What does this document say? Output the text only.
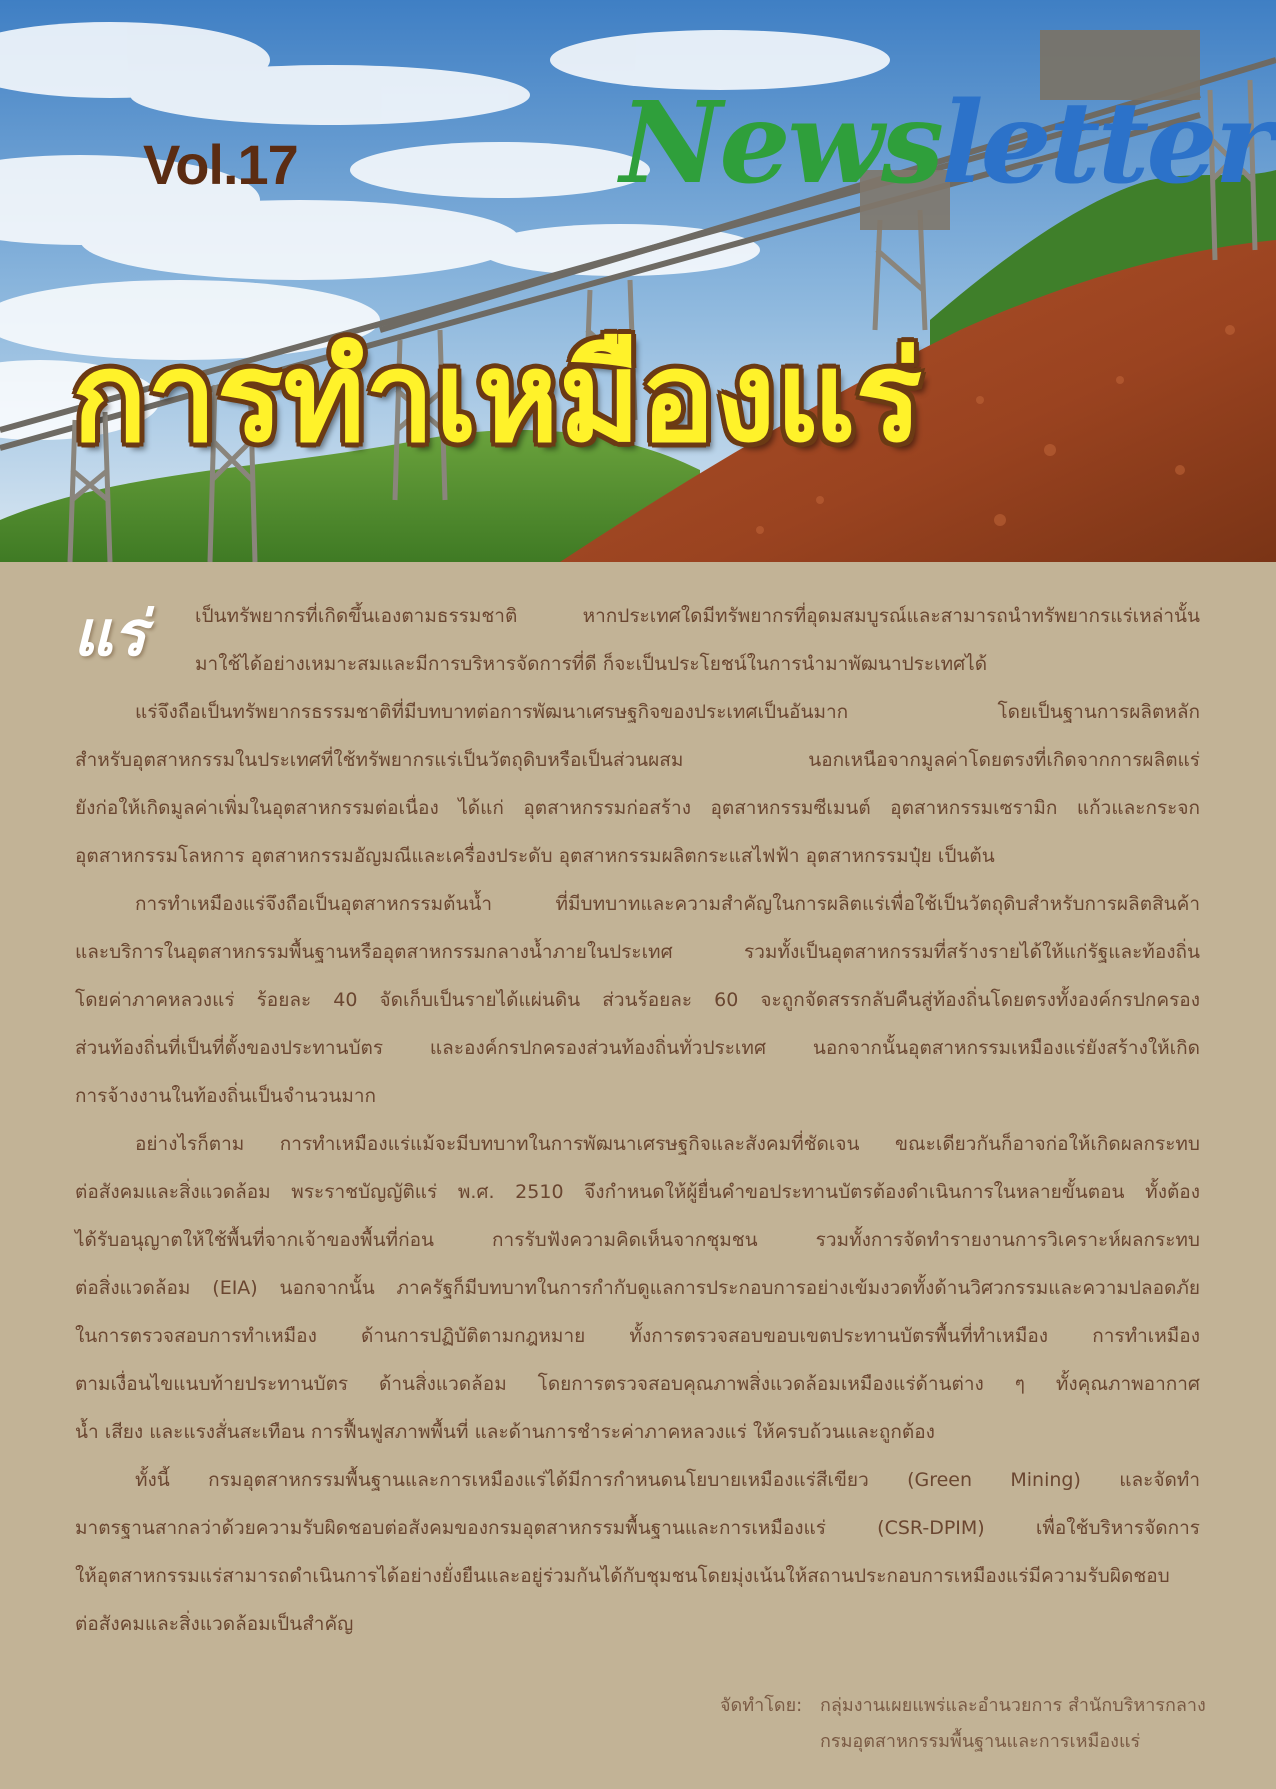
Vol.17	Newsletter
การทำเหมืองแร่
แร่	เป็นทรัพยากรที่เกิดขึ้นเองตามธรรมชาติ หากประเทศใดมีทรัพยากรที่อุดมสมบูรณ์และสามารถนำทรัพยากรแร่เหล่านั้น
มาใช้ได้อย่างเหมาะสมและมีการบริหารจัดการที่ดี ก็จะเป็นประโยชน์ในการนำมาพัฒนาประเทศได้
แร่จึงถือเป็นทรัพยากรธรรมชาติที่มีบทบาทต่อการพัฒนาเศรษฐกิจของประเทศเป็นอันมาก โดยเป็นฐานการผลิตหลัก
สำหรับอุตสาหกรรมในประเทศที่ใช้ทรัพยากรแร่เป็นวัตถุดิบหรือเป็นส่วนผสม นอกเหนือจากมูลค่าโดยตรงที่เกิดจากการผลิตแร่
ยังก่อให้เกิดมูลค่าเพิ่มในอุตสาหกรรมต่อเนื่อง ได้แก่ อุตสาหกรรมก่อสร้าง อุตสาหกรรมซีเมนต์ อุตสาหกรรมเซรามิก แก้วและกระจก
อุตสาหกรรมโลหการ อุตสาหกรรมอัญมณีและเครื่องประดับ อุตสาหกรรมผลิตกระแสไฟฟ้า อุตสาหกรรมปุ๋ย เป็นต้น
การทำเหมืองแร่จึงถือเป็นอุตสาหกรรมต้นน้ำ ที่มีบทบาทและความสำคัญในการผลิตแร่เพื่อใช้เป็นวัตถุดิบสำหรับการผลิตสินค้า
และบริการในอุตสาหกรรมพื้นฐานหรืออุตสาหกรรมกลางน้ำภายในประเทศ รวมทั้งเป็นอุตสาหกรรมที่สร้างรายได้ให้แก่รัฐและท้องถิ่น
โดยค่าภาคหลวงแร่ ร้อยละ 40 จัดเก็บเป็นรายได้แผ่นดิน ส่วนร้อยละ 60 จะถูกจัดสรรกลับคืนสู่ท้องถิ่นโดยตรงทั้งองค์กรปกครอง
ส่วนท้องถิ่นที่เป็นที่ตั้งของประทานบัตร และองค์กรปกครองส่วนท้องถิ่นทั่วประเทศ นอกจากนั้นอุตสาหกรรมเหมืองแร่ยังสร้างให้เกิด
การจ้างงานในท้องถิ่นเป็นจำนวนมาก
อย่างไรก็ตาม การทำเหมืองแร่แม้จะมีบทบาทในการพัฒนาเศรษฐกิจและสังคมที่ชัดเจน ขณะเดียวกันก็อาจก่อให้เกิดผลกระทบ
ต่อสังคมและสิ่งแวดล้อม พระราชบัญญัติแร่ พ.ศ. 2510 จึงกำหนดให้ผู้ยื่นคำขอประทานบัตรต้องดำเนินการในหลายขั้นตอน ทั้งต้อง
ได้รับอนุญาตให้ใช้พื้นที่จากเจ้าของพื้นที่ก่อน การรับฟังความคิดเห็นจากชุมชน รวมทั้งการจัดทำรายงานการวิเคราะห์ผลกระทบ
ต่อสิ่งแวดล้อม (EIA) นอกจากนั้น ภาครัฐก็มีบทบาทในการกำกับดูแลการประกอบการอย่างเข้มงวดทั้งด้านวิศวกรรมและความปลอดภัย
ในการตรวจสอบการทำเหมือง ด้านการปฏิบัติตามกฎหมาย ทั้งการตรวจสอบขอบเขตประทานบัตรพื้นที่ทำเหมือง การทำเหมือง
ตามเงื่อนไขแนบท้ายประทานบัตร ด้านสิ่งแวดล้อม โดยการตรวจสอบคุณภาพสิ่งแวดล้อมเหมืองแร่ด้านต่าง ๆ ทั้งคุณภาพอากาศ
น้ำ เสียง และแรงสั่นสะเทือน การฟื้นฟูสภาพพื้นที่ และด้านการชำระค่าภาคหลวงแร่ ให้ครบถ้วนและถูกต้อง
ทั้งนี้ กรมอุตสาหกรรมพื้นฐานและการเหมืองแร่ได้มีการกำหนดนโยบายเหมืองแร่สีเขียว (Green Mining) และจัดทำ
มาตรฐานสากลว่าด้วยความรับผิดชอบต่อสังคมของกรมอุตสาหกรรมพื้นฐานและการเหมืองแร่ (CSR-DPIM) เพื่อใช้บริหารจัดการ
ให้อุตสาหกรรมแร่สามารถดำเนินการได้อย่างยั่งยืนและอยู่ร่วมกันได้กับชุมชนโดยมุ่งเน้นให้สถานประกอบการเหมืองแร่มีความรับผิดชอบ
ต่อสังคมและสิ่งแวดล้อมเป็นสำคัญ
จัดทำโดย: กลุ่มงานเผยแพร่และอำนวยการ สำนักบริหารกลาง
กรมอุตสาหกรรมพื้นฐานและการเหมืองแร่
